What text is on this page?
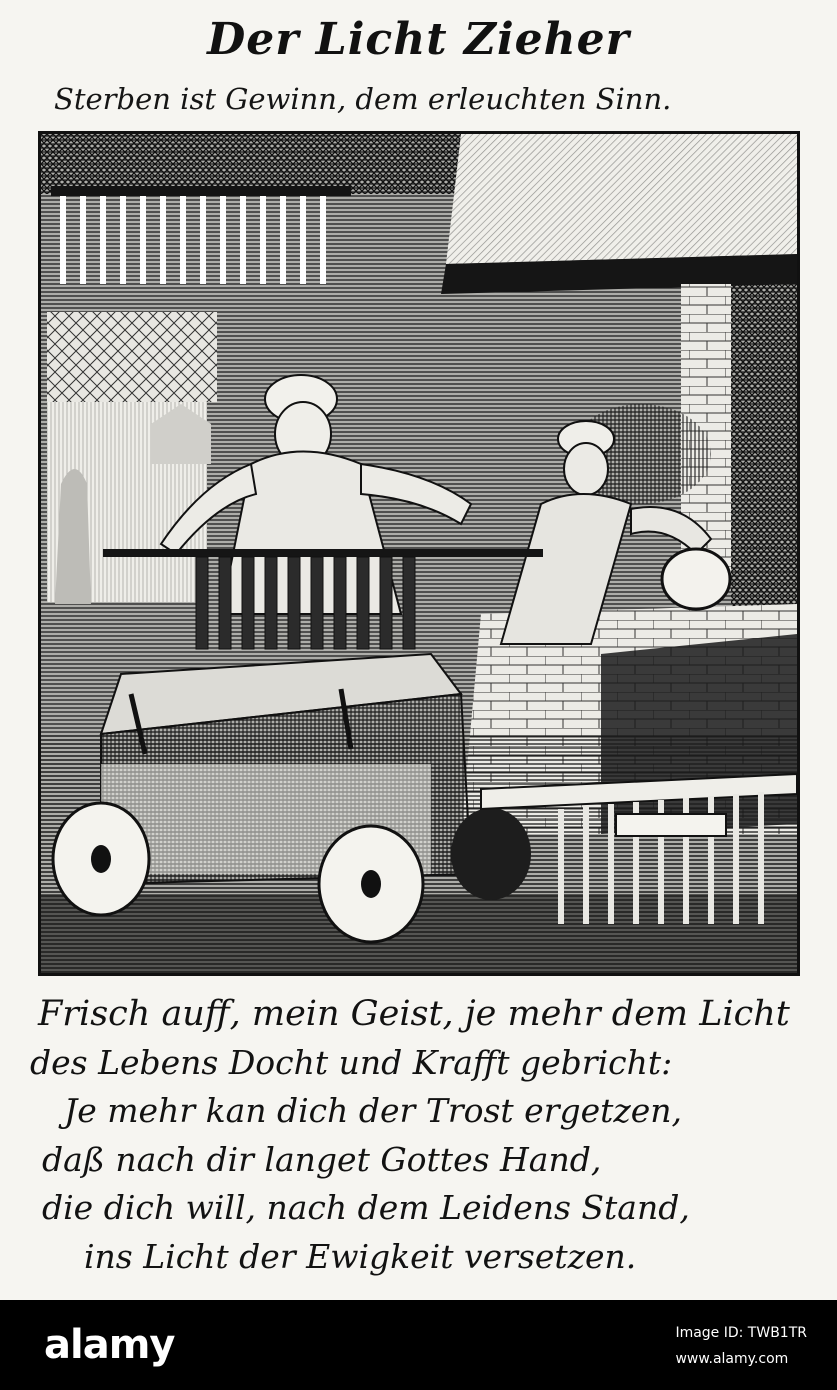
Der Licht Zieher
Sterben ist Gewinn, dem erleuchten Sinn.
Frisch auff, mein Geist, je mehr dem Licht
des Lebens Docht und Krafft gebricht:
Je mehr kan dich der Trost ergetzen,
daß nach dir langet Gottes Hand,
die dich will, nach dem Leidens Stand,
ins Licht der Ewigkeit versetzen.
alamy	Image ID: TWB1TR
www.alamy.com
